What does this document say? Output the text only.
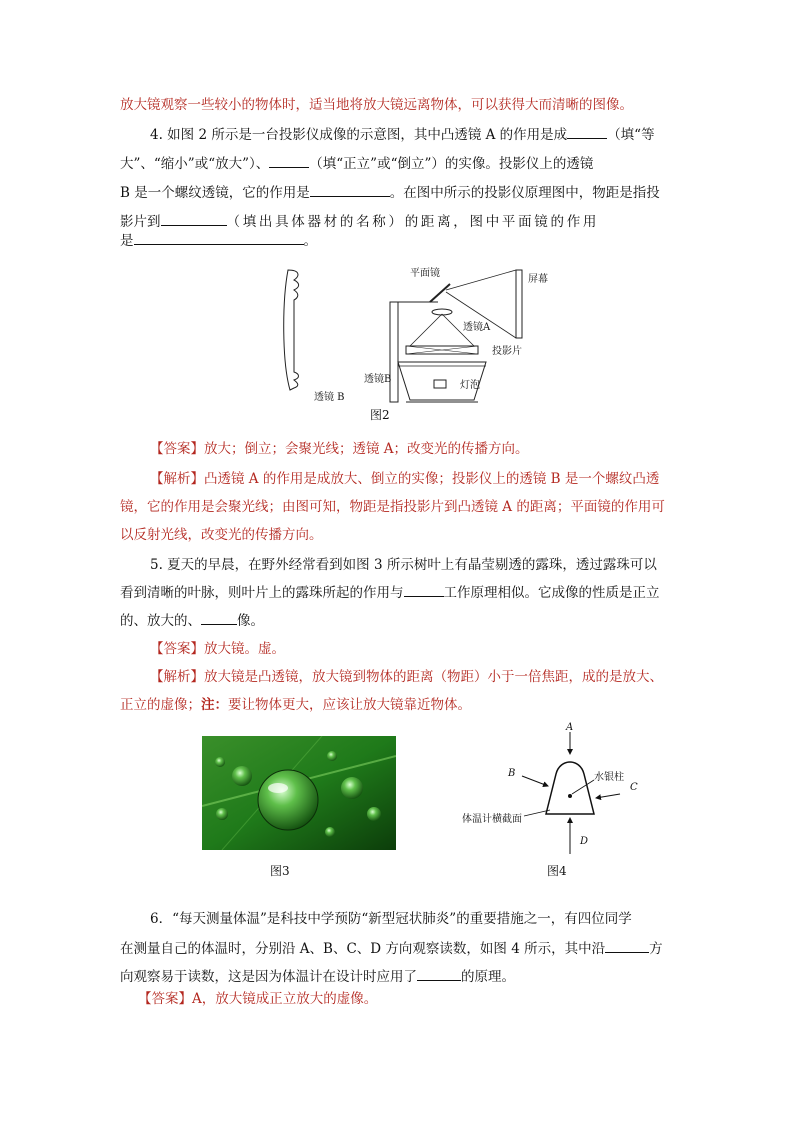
放大镜观察一些较小的物体时，适当地将放大镜远离物体，可以获得大而清晰的图像。
4. 如图 2 所示是一台投影仪成像的示意图，其中凸透镜 A 的作用是成	（填“等
大”、“缩小”或“放大”）、	（填“正立”或“倒立”）的实像。投影仪上的透镜
B 是一个螺纹透镜，它的作用是	。在图中所示的投影仪原理图中，物距是指投
影片到	（填出具体器材的名称）的距离，图中平面镜的作用
是	。
透镜 B
平面镜
屏幕
透镜A
投影片
透镜B
灯泡
图2
【答案】放大；倒立；会聚光线；透镜 A；改变光的传播方向。
【解析】凸透镜 A 的作用是成放大、倒立的实像；投影仪上的透镜 B 是一个螺纹凸透
镜，它的作用是会聚光线；由图可知，物距是指投影片到凸透镜 A 的距离；平面镜的作用可
以反射光线，改变光的传播方向。
5. 夏天的早晨，在野外经常看到如图 3 所示树叶上有晶莹剔透的露珠，透过露珠可以
看到清晰的叶脉，则叶片上的露珠所起的作用与	工作原理相似。它成像的性质是正立
的、放大的、	像。
【答案】放大镜。虚。
【解析】放大镜是凸透镜，放大镜到物体的距离（物距）小于一倍焦距，成的是放大、
正立的虚像；注：要让物体更大，应该让放大镜靠近物体。
图3
A
B
C
D
水银柱
体温计横截面
图4
6．“每天测量体温”是科技中学预防“新型冠状肺炎”的重要措施之一，有四位同学
在测量自己的体温时，分别沿 A、B、C、D 方向观察读数，如图 4 所示，其中沿	方
向观察易于读数，这是因为体温计在设计时应用了	的原理。
【答案】A，放大镜成正立放大的虚像。
